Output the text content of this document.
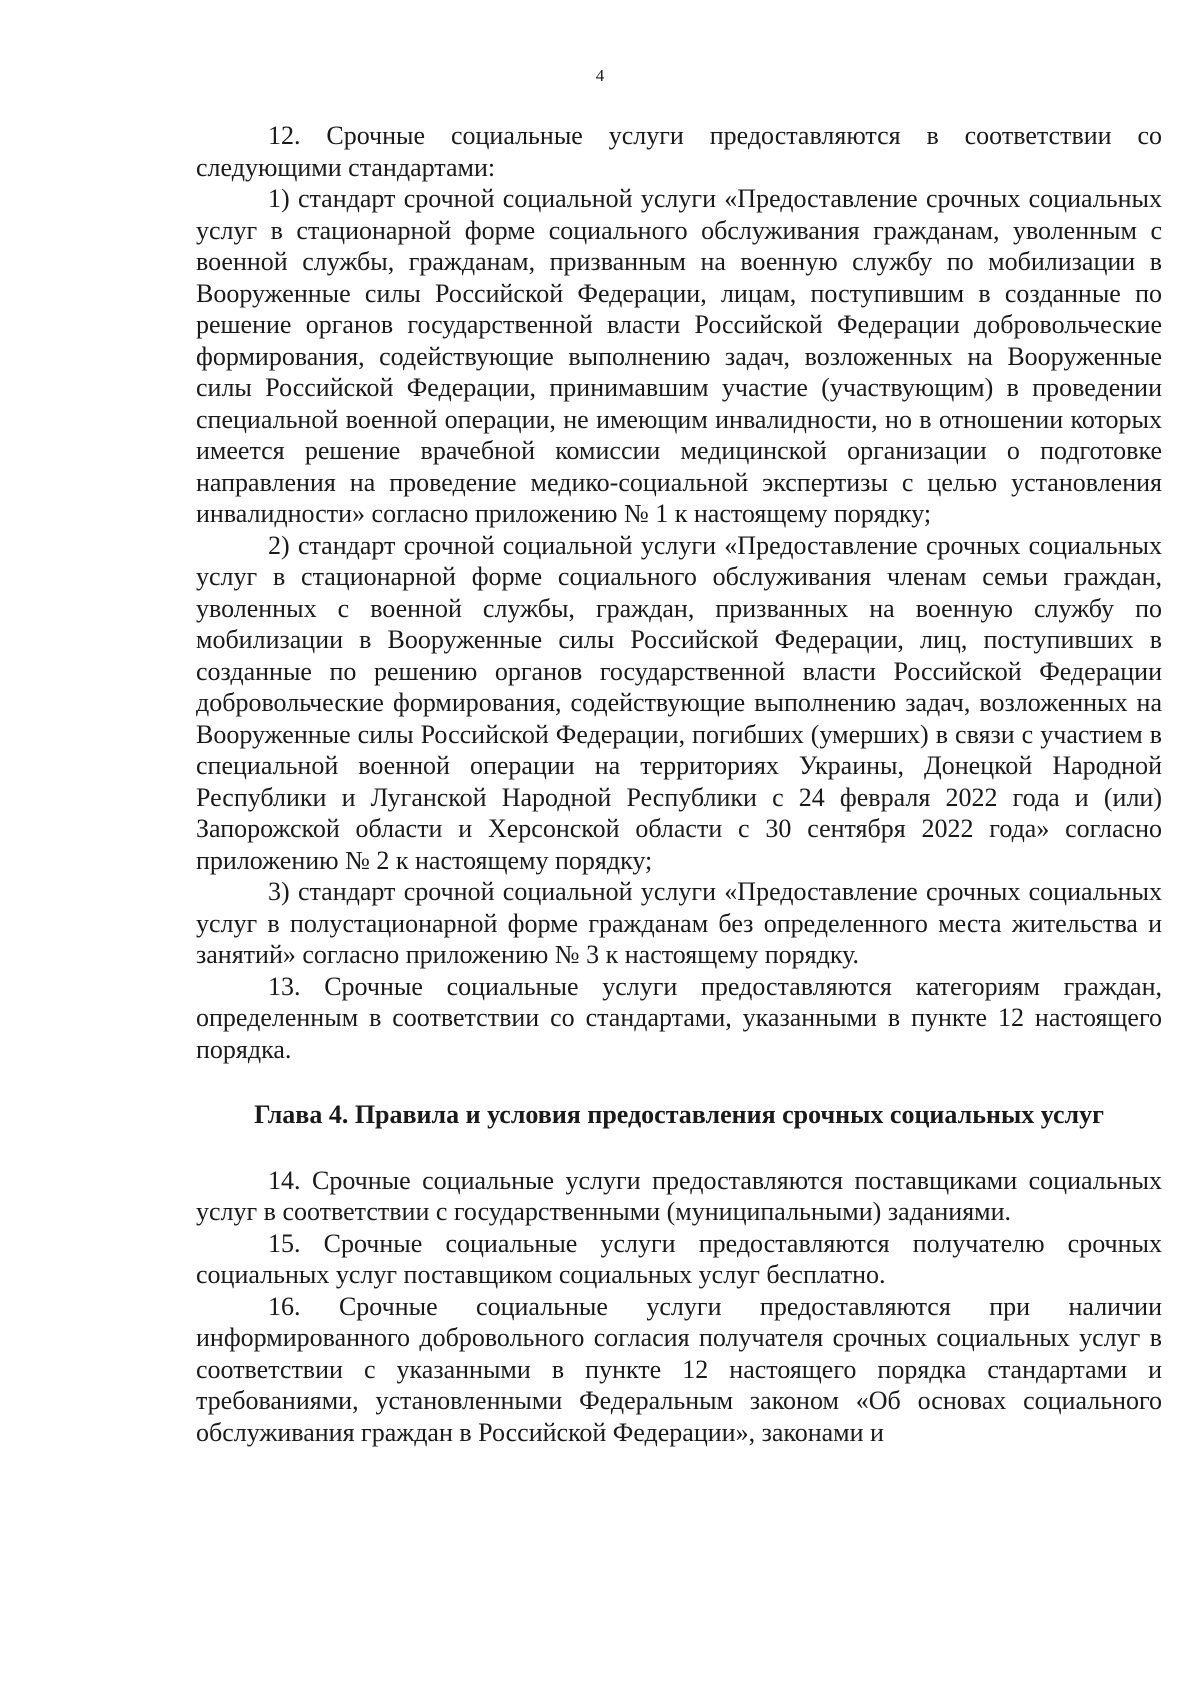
4

12. Срочные социальные услуги предоставляются в соответствии со следующими стандартами:

1) стандарт срочной социальной услуги «Предоставление срочных социальных услуг в стационарной форме социального обслуживания гражданам, уволенным с военной службы, гражданам, призванным на военную службу по мобилизации в Вооруженные силы Российской Федерации, лицам, поступившим в созданные по решение органов государственной власти Российской Федерации добровольческие формирования, содействующие выполнению задач, возложенных на Вооруженные силы Российской Федерации, принимавшим участие (участвующим) в проведении специальной военной операции, не имеющим инвалидности, но в отношении которых имеется решение врачебной комиссии медицинской организации о подготовке направления на проведение медико-социальной экспертизы с целью установления инвалидности» согласно приложению № 1 к настоящему порядку;

2) стандарт срочной социальной услуги «Предоставление срочных социальных услуг в стационарной форме социального обслуживания членам семьи граждан, уволенных с военной службы, граждан, призванных на военную службу по мобилизации в Вооруженные силы Российской Федерации, лиц, поступивших в созданные по решению органов государственной власти Российской Федерации добровольческие формирования, содействующие выполнению задач, возложенных на Вооруженные силы Российской Федерации, погибших (умерших) в связи с участием в специальной военной операции на территориях Украины, Донецкой Народной Республики и Луганской Народной Республики с 24 февраля 2022 года и (или) Запорожской области и Херсонской области с 30 сентября 2022 года» согласно приложению № 2 к настоящему порядку;

3) стандарт срочной социальной услуги «Предоставление срочных социальных услуг в полустационарной форме гражданам без определенного места жительства и занятий» согласно приложению № 3 к настоящему порядку.

13. Срочные социальные услуги предоставляются категориям граждан, определенным в соответствии со стандартами, указанными в пункте 12 настоящего порядка.

Глава 4. Правила и условия предоставления срочных социальных услуг

14. Срочные социальные услуги предоставляются поставщиками социальных услуг в соответствии с государственными (муниципальными) заданиями.

15. Срочные социальные услуги предоставляются получателю срочных социальных услуг поставщиком социальных услуг бесплатно.

16. Срочные социальные услуги предоставляются при наличии информированного добровольного согласия получателя срочных социальных услуг в соответствии с указанными в пункте 12 настоящего порядка стандартами и требованиями, установленными Федеральным законом «Об основах социального обслуживания граждан в Российской Федерации», законами и
